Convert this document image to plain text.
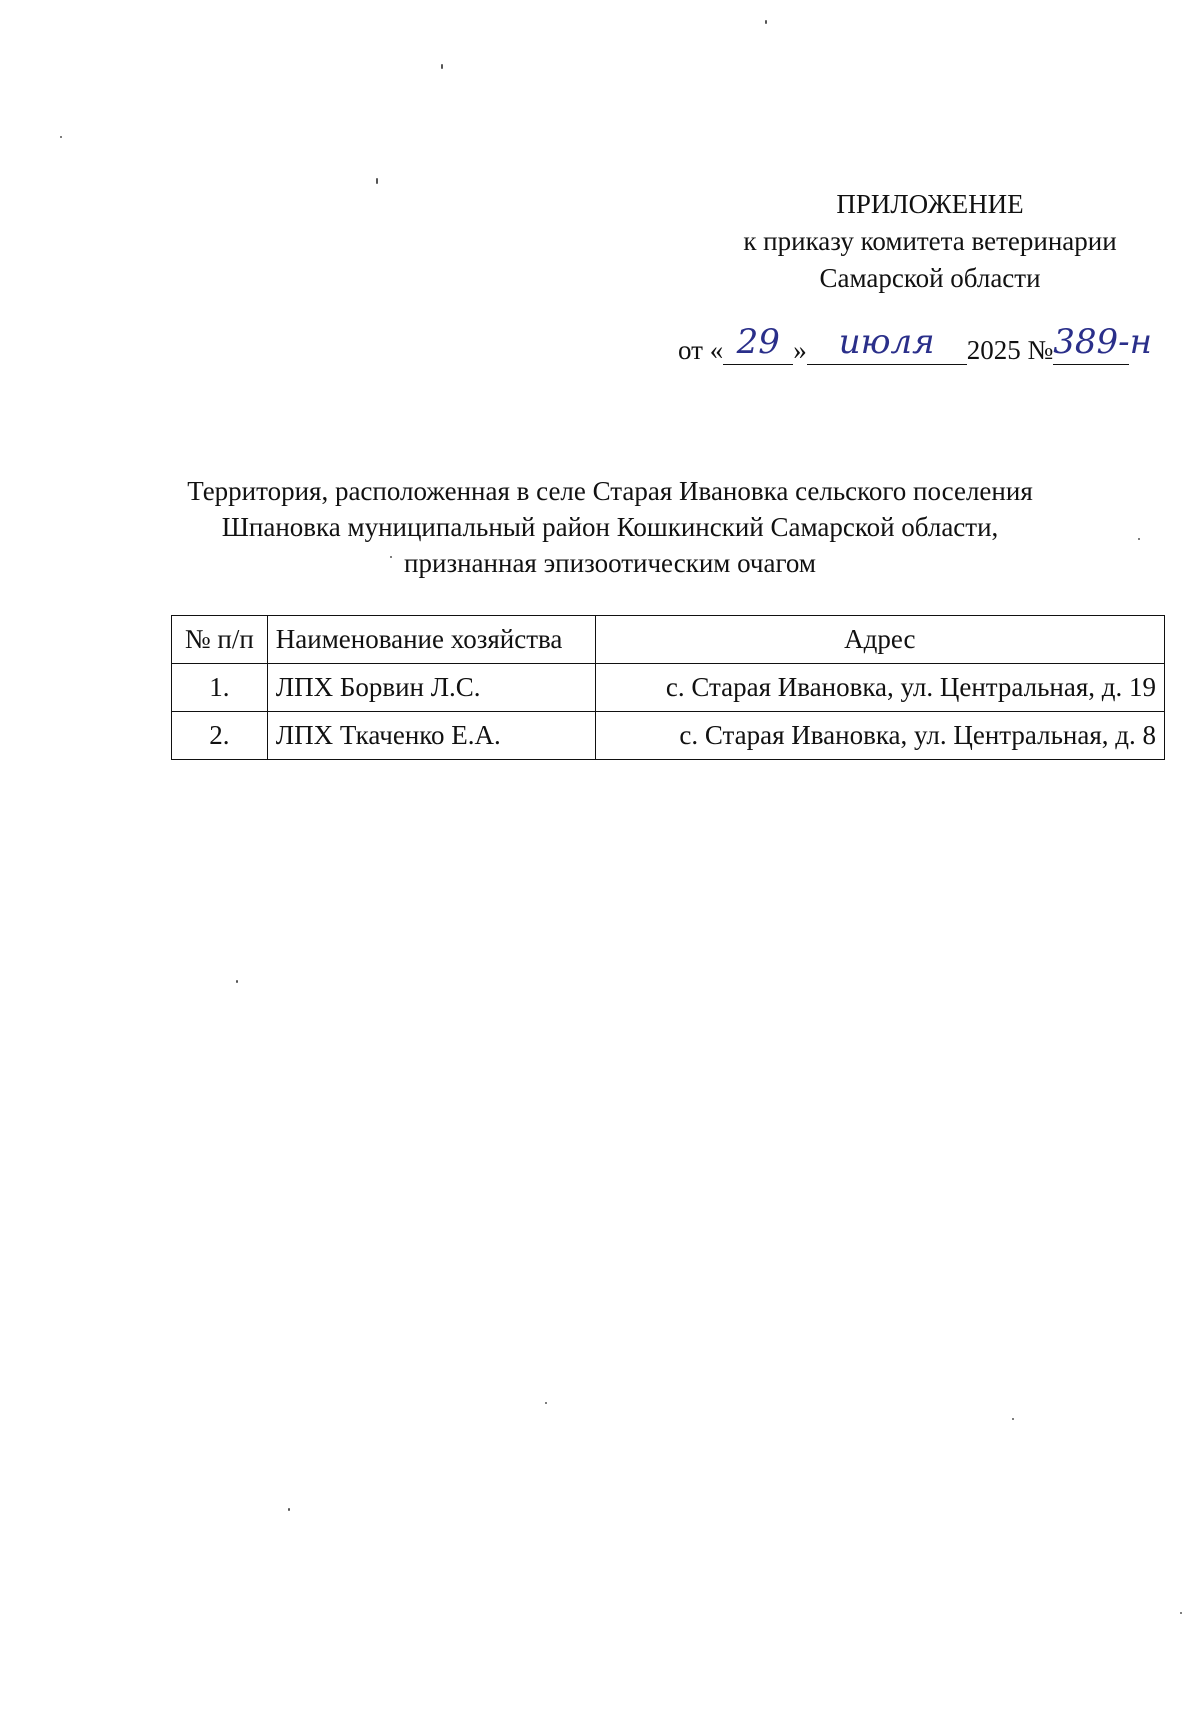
ПРИЛОЖЕНИЕ
к приказу комитета ветеринарии
Самарской области
от « 29 » июля 2025 №389-н
Территория, расположенная в селе Старая Ивановка сельского поселения
Шпановка муниципальный район Кошкинский Самарской области,
признанная эпизоотическим очагом
№ п/п	Наименование хозяйства	Адрес
1.	ЛПХ Борвин Л.С.	с. Старая Ивановка, ул. Центральная, д. 19
2.	ЛПХ Ткаченко Е.А.	с. Старая Ивановка, ул. Центральная, д. 8
